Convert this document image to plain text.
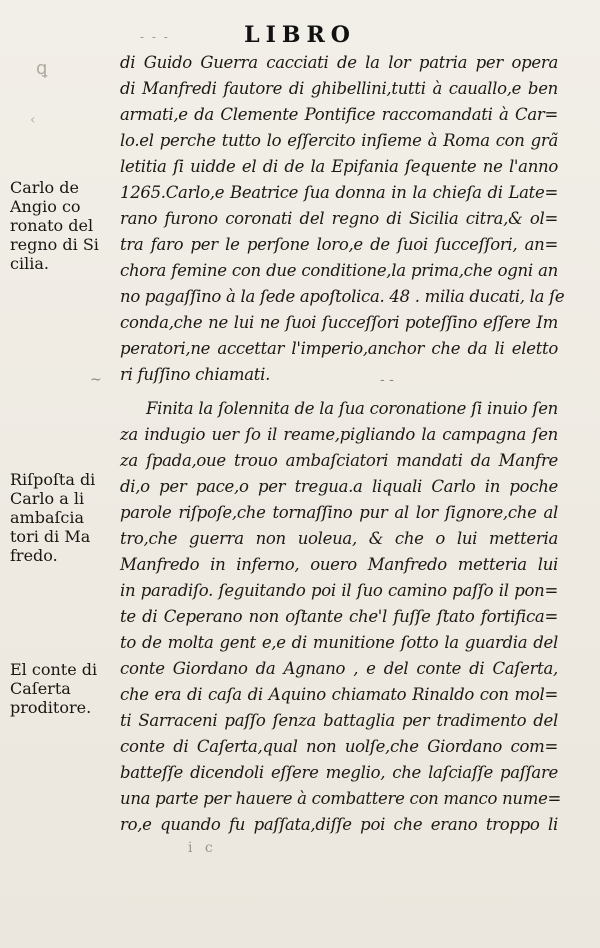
- - -	LIBRO
ꝗ
‹
di Guido Guerra cacciati de la lor patria per opera
di Manfredi fautore di ghibellini,tutti à cauallo,e ben
armati,e da Clemente Pontifice raccomandati à Car=
lo.el perche tutto lo eſſercito inſieme à Roma con grã
letitia ſi uidde el di de la Epifania ſequente ne l'anno
1265.Carlo,e Beatrice ſua donna in la chieſa di Late=
rano furono coronati del regno di Sicilia citra,& ol=
tra faro per le perſone loro,e de ſuoi ſucceſſori, an=
chora femine con due conditione,la prima,che ogni an
no pagaſſino à la ſede apoſtolica. 48 . milia ducati, la ſe
conda,che ne lui ne ſuoi ſucceſſori poteſſino eſſere Im
peratori,ne accettar l'imperio,anchor che da li eletto
ri fuſſino chiamati.
Finita la ſolennita de la ſua coronatione ſi inuio ſen
za indugio uer ſo il reame,pigliando la campagna ſen
za ſpada,oue trouo ambaſciatori mandati da Manfre
di,o per pace,o per tregua.a liquali Carlo in poche
parole riſpoſe,che tornaſſino pur al lor ſignore,che al
tro,che guerra non uoleua, & che o lui metteria
Manfredo in inferno, ouero Manfredo metteria lui
in paradiſo. ſeguitando poi il ſuo camino paſſo il pon=
te di Ceperano non oſtante che'l fuſſe ſtato fortifica=
to de molta gent e,e di munitione ſotto la guardia del
conte Giordano da Agnano , e del conte di Caſerta,
che era di caſa di Aquino chiamato Rinaldo con mol=
ti Sarraceni paſſo ſenza battaglia per tradimento del
conte di Caſerta,qual non uolſe,che Giordano com=
batteſſe dicendoli eſſere meglio, che laſciaſſe paſſare
una parte per hauere à combattere con manco nume=
ro,e quando fu paſſata,diſſe poi che erano troppo li
~	- -
Carlo de
Angio co
ronato del
regno di Si
cilia.
Riſpoſta di
Carlo a li
ambaſcia
tori di Ma
fredo.
El conte di
Caſerta
proditore.
i c
